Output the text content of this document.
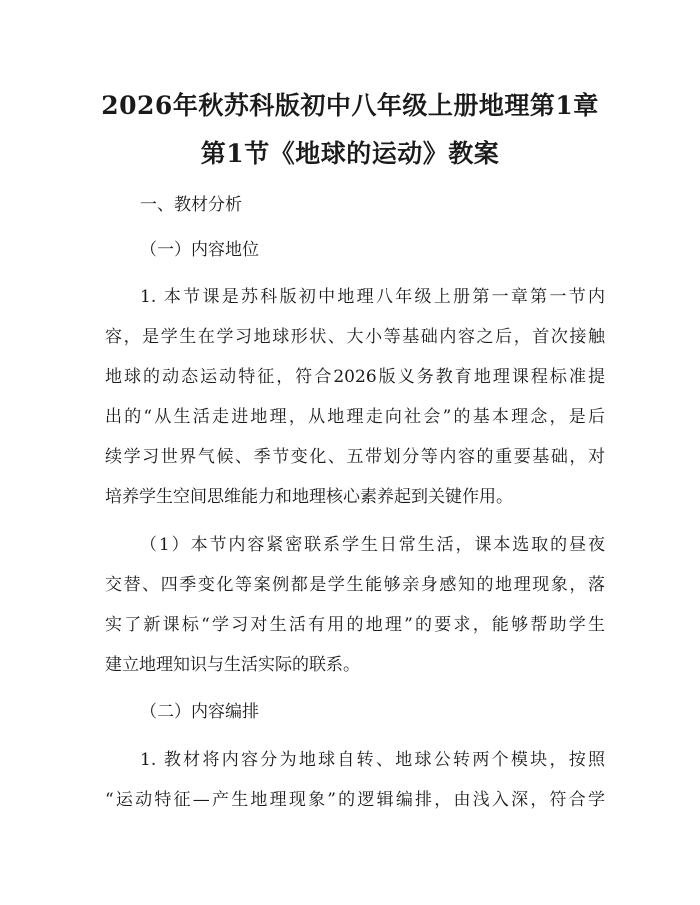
2026年秋苏科版初中八年级上册地理第1章
第1节《地球的运动》教案
一、教材分析
（一）内容地位
1. 本节课是苏科版初中地理八年级上册第一章第一节内
容，是学生在学习地球形状、大小等基础内容之后，首次接触
地球的动态运动特征，符合2026版义务教育地理课程标准提
出的“从生活走进地理，从地理走向社会”的基本理念，是后
续学习世界气候、季节变化、五带划分等内容的重要基础，对
培养学生空间思维能力和地理核心素养起到关键作用。
（1）本节内容紧密联系学生日常生活，课本选取的昼夜
交替、四季变化等案例都是学生能够亲身感知的地理现象，落
实了新课标“学习对生活有用的地理”的要求，能够帮助学生
建立地理知识与生活实际的联系。
（二）内容编排
1. 教材将内容分为地球自转、地球公转两个模块，按照
“运动特征—产生地理现象”的逻辑编排，由浅入深，符合学
